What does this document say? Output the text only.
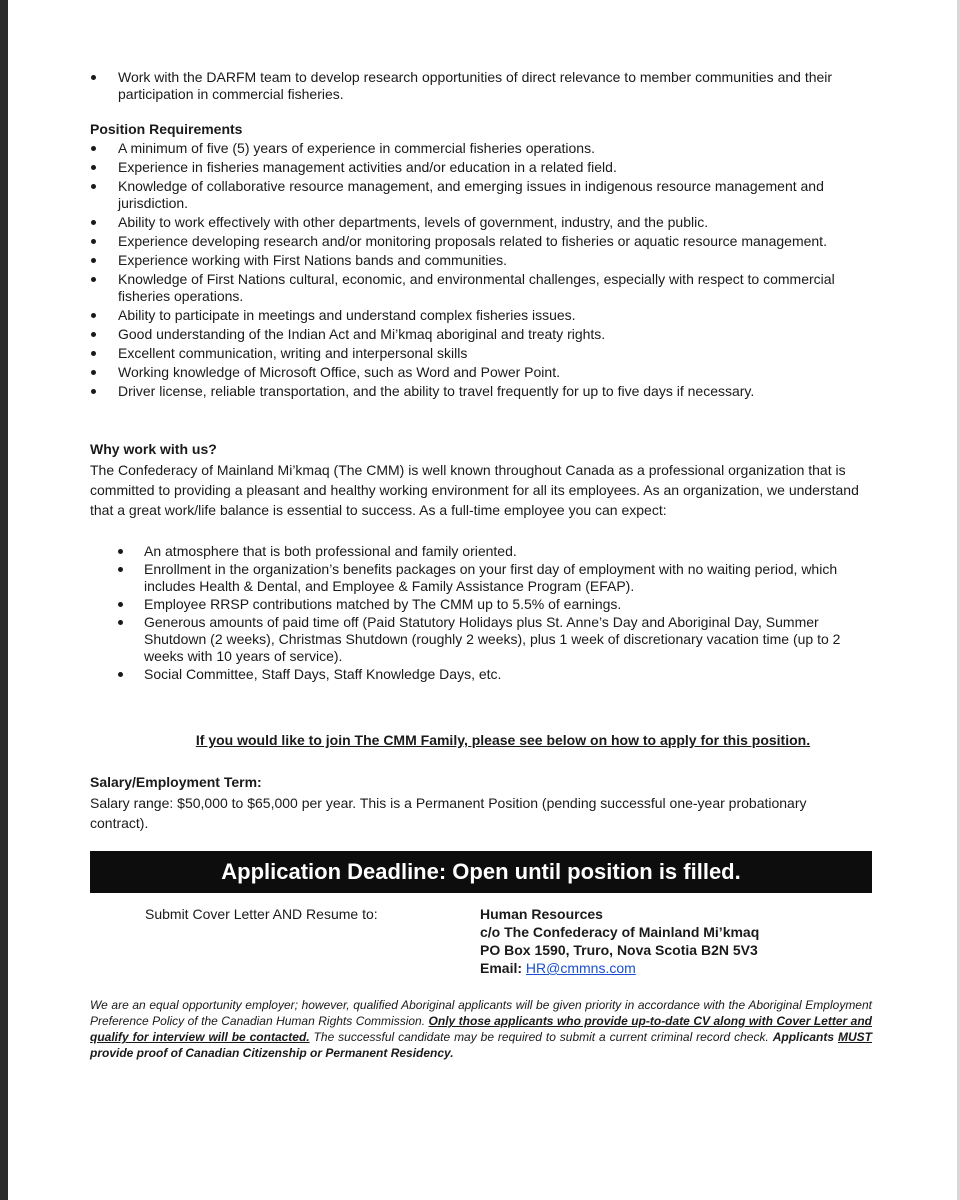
Work with the DARFM team to develop research opportunities of direct relevance to member communities and their participation in commercial fisheries.
Position Requirements
A minimum of five (5) years of experience in commercial fisheries operations.
Experience in fisheries management activities and/or education in a related field.
Knowledge of collaborative resource management, and emerging issues in indigenous resource management and jurisdiction.
Ability to work effectively with other departments, levels of government, industry, and the public.
Experience developing research and/or monitoring proposals related to fisheries or aquatic resource management.
Experience working with First Nations bands and communities.
Knowledge of First Nations cultural, economic, and environmental challenges, especially with respect to commercial fisheries operations.
Ability to participate in meetings and understand complex fisheries issues.
Good understanding of the Indian Act and Mi’kmaq aboriginal and treaty rights.
Excellent communication, writing and interpersonal skills
Working knowledge of Microsoft Office, such as Word and Power Point.
Driver license, reliable transportation, and the ability to travel frequently for up to five days if necessary.
Why work with us?
The Confederacy of Mainland Mi’kmaq (The CMM) is well known throughout Canada as a professional organization that is committed to providing a pleasant and healthy working environment for all its employees. As an organization, we understand that a great work/life balance is essential to success. As a full-time employee you can expect:
An atmosphere that is both professional and family oriented.
Enrollment in the organization’s benefits packages on your first day of employment with no waiting period, which includes Health & Dental, and Employee & Family Assistance Program (EFAP).
Employee RRSP contributions matched by The CMM up to 5.5% of earnings.
Generous amounts of paid time off (Paid Statutory Holidays plus St. Anne’s Day and Aboriginal Day, Summer Shutdown (2 weeks), Christmas Shutdown (roughly 2 weeks), plus 1 week of discretionary vacation time (up to 2 weeks with 10 years of service).
Social Committee, Staff Days, Staff Knowledge Days, etc.
If you would like to join The CMM Family, please see below on how to apply for this position.
Salary/Employment Term:
Salary range: $50,000 to $65,000 per year. This is a Permanent Position (pending successful one-year probationary contract).
Application Deadline: Open until position is filled.
Submit Cover Letter AND Resume to:	Human Resources
c/o The Confederacy of Mainland Mi’kmaq
PO Box 1590, Truro, Nova Scotia B2N 5V3
Email: HR@cmmns.com
We are an equal opportunity employer; however, qualified Aboriginal applicants will be given priority in accordance with the Aboriginal Employment Preference Policy of the Canadian Human Rights Commission. Only those applicants who provide up-to-date CV along with Cover Letter and qualify for interview will be contacted. The successful candidate may be required to submit a current criminal record check. Applicants MUST provide proof of Canadian Citizenship or Permanent Residency.
